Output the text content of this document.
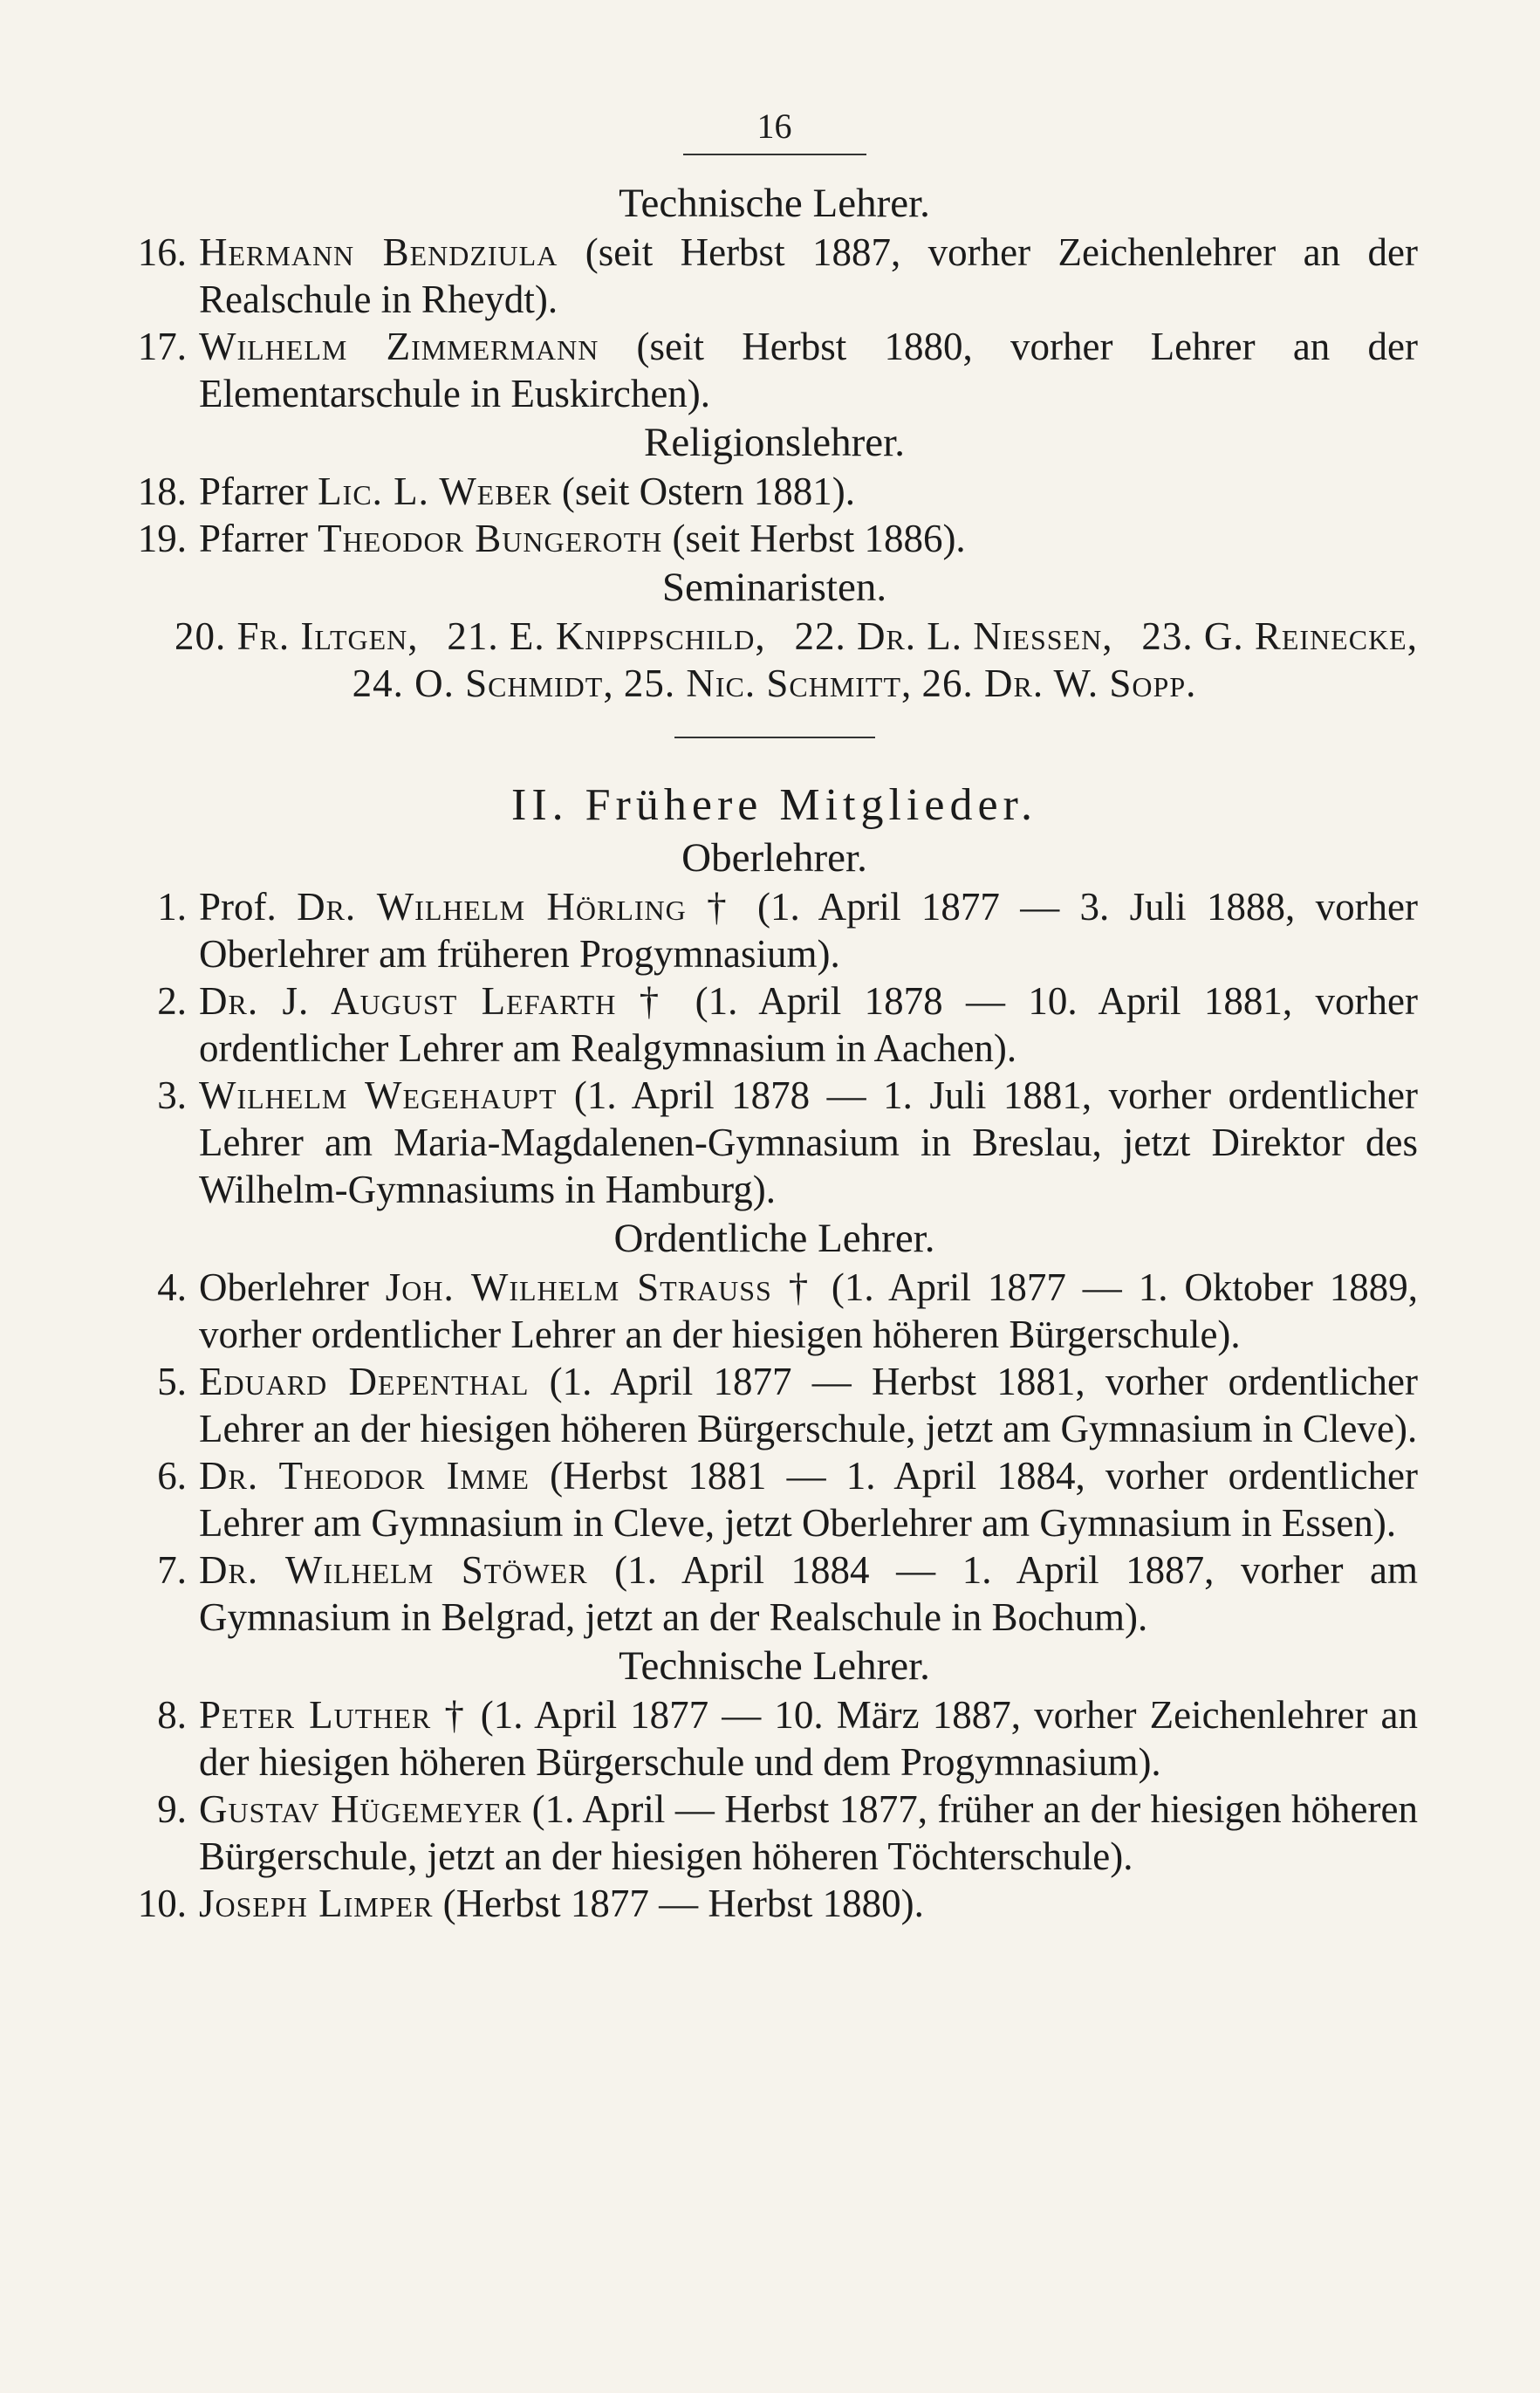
16

Technische Lehrer.

16. Hermann Bendziula (seit Herbst 1887, vorher Zeichenlehrer an der Realschule in Rheydt).
17. Wilhelm Zimmermann (seit Herbst 1880, vorher Lehrer an der Elementarschule in Euskirchen).

Religionslehrer.

18. Pfarrer Lic. L. Weber (seit Ostern 1881).
19. Pfarrer Theodor Bungeroth (seit Herbst 1886).

Seminaristen.

20. Fr. Iltgen, 21. E. Knippschild, 22. Dr. L. Niessen, 23. G. Reinecke,
24. O. Schmidt, 25. Nic. Schmitt, 26. Dr. W. Sopp.

II. Frühere Mitglieder.

Oberlehrer.

1. Prof. Dr. Wilhelm Hörling † (1. April 1877 — 3. Juli 1888, vorher Oberlehrer am früheren Progymnasium).
2. Dr. J. August Lefarth † (1. April 1878 — 10. April 1881, vorher ordentlicher Lehrer am Realgymnasium in Aachen).
3. Wilhelm Wegehaupt (1. April 1878 — 1. Juli 1881, vorher ordentlicher Lehrer am Maria-Magdalenen-Gymnasium in Breslau, jetzt Direktor des Wilhelm-Gymnasiums in Hamburg).

Ordentliche Lehrer.

4. Oberlehrer Joh. Wilhelm Strauss † (1. April 1877 — 1. Oktober 1889, vorher ordentlicher Lehrer an der hiesigen höheren Bürgerschule).
5. Eduard Depenthal (1. April 1877 — Herbst 1881, vorher ordentlicher Lehrer an der hiesigen höheren Bürgerschule, jetzt am Gymnasium in Cleve).
6. Dr. Theodor Imme (Herbst 1881 — 1. April 1884, vorher ordentlicher Lehrer am Gymnasium in Cleve, jetzt Oberlehrer am Gymnasium in Essen).
7. Dr. Wilhelm Stöwer (1. April 1884 — 1. April 1887, vorher am Gymnasium in Belgrad, jetzt an der Realschule in Bochum).

Technische Lehrer.

8. Peter Luther † (1. April 1877 — 10. März 1887, vorher Zeichenlehrer an der hiesigen höheren Bürgerschule und dem Progymnasium).
9. Gustav Hügemeyer (1. April — Herbst 1877, früher an der hiesigen höheren Bürgerschule, jetzt an der hiesigen höheren Töchterschule).
10. Joseph Limper (Herbst 1877 — Herbst 1880).
